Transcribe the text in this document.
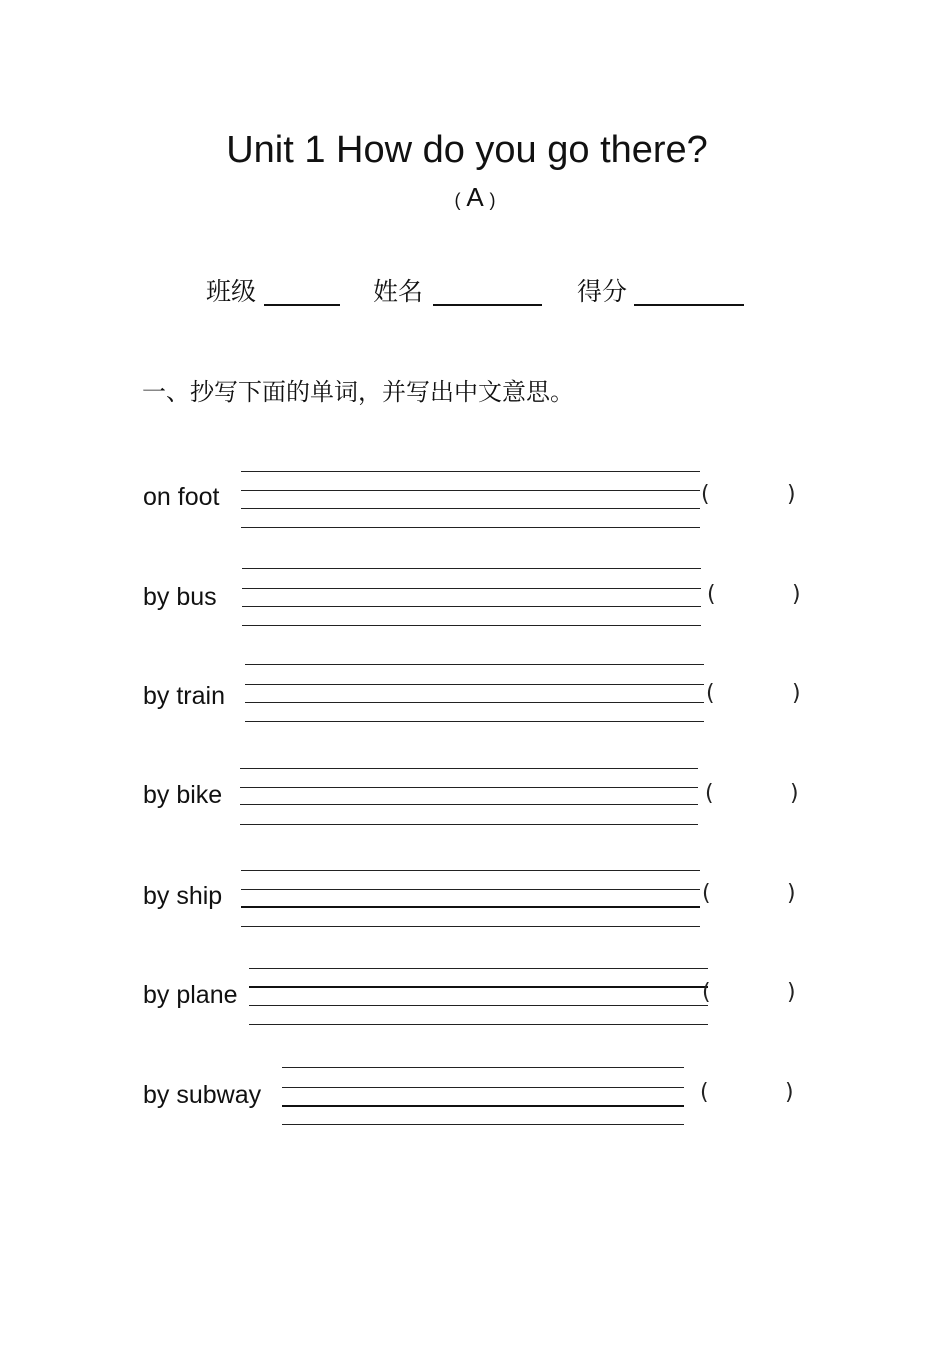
Unit 1 How do you go there?
( A )
班级	姓名	得分
一、抄写下面的单词，并写出中文意思。
on foot	(	)
by bus	(	)
by train	(	)
by bike	(	)
by ship	(	)
by plane	(	)
by subway	(	)
